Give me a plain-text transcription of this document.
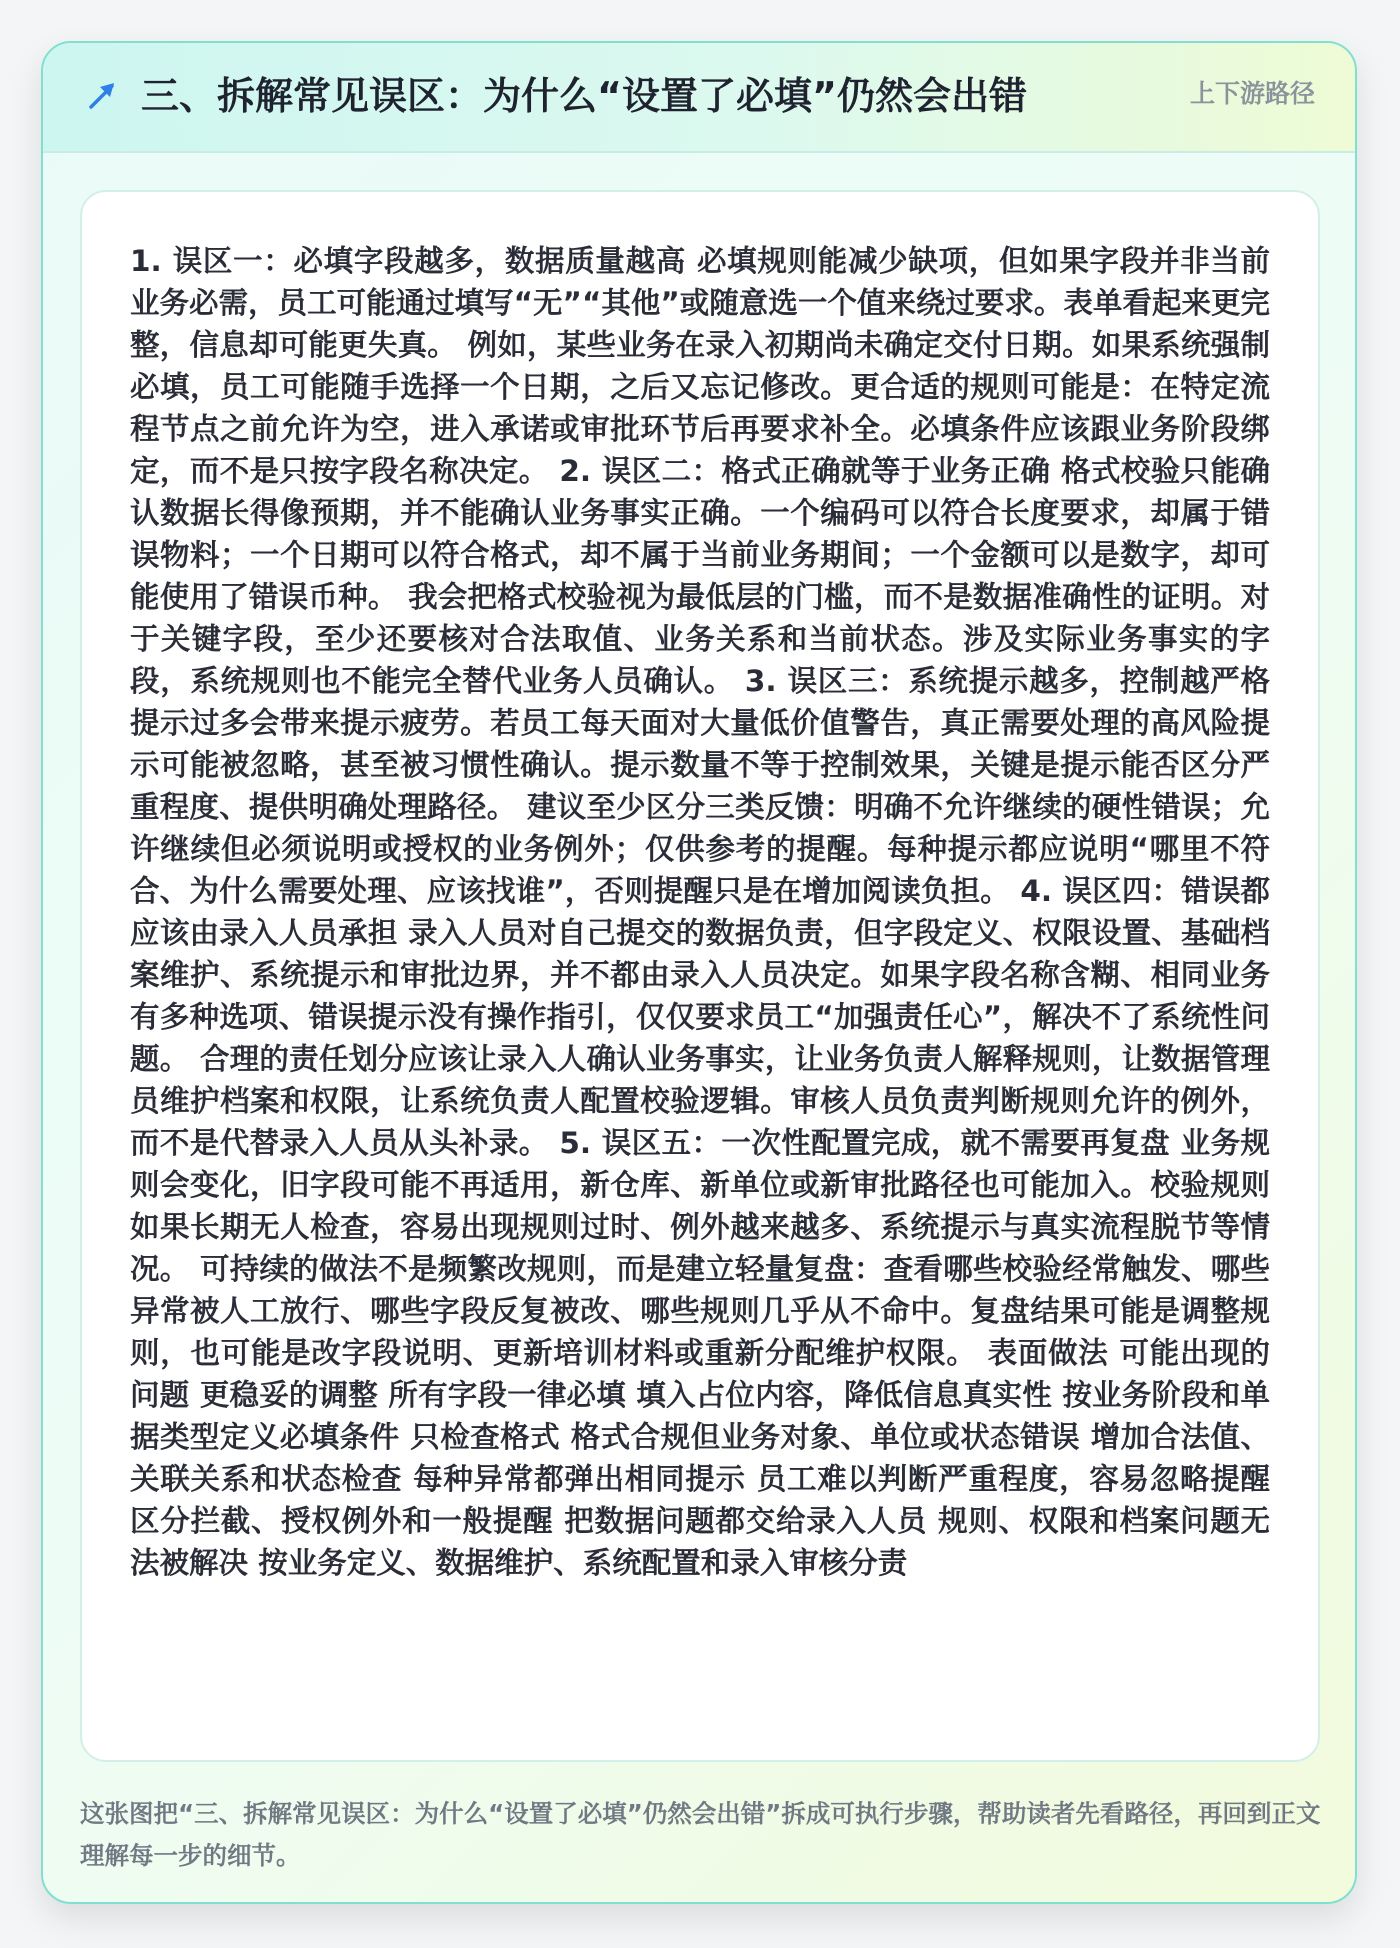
三、拆解常见误区：为什么“设置了必填”仍然会出错	上下游路径

1. 误区一：必填字段越多，数据质量越高 必填规则能减少缺项，但如果字段并非当前业务必需，员工可能通过填写“无”“其他”或随意选一个值来绕过要求。表单看起来更完整，信息却可能更失真。 例如，某些业务在录入初期尚未确定交付日期。如果系统强制必填，员工可能随手选择一个日期，之后又忘记修改。更合适的规则可能是：在特定流程节点之前允许为空，进入承诺或审批环节后再要求补全。必填条件应该跟业务阶段绑定，而不是只按字段名称决定。 2. 误区二：格式正确就等于业务正确 格式校验只能确认数据长得像预期，并不能确认业务事实正确。一个编码可以符合长度要求，却属于错误物料；一个日期可以符合格式，却不属于当前业务期间；一个金额可以是数字，却可能使用了错误币种。 我会把格式校验视为最低层的门槛，而不是数据准确性的证明。对于关键字段，至少还要核对合法取值、业务关系和当前状态。涉及实际业务事实的字段，系统规则也不能完全替代业务人员确认。 3. 误区三：系统提示越多，控制越严格 提示过多会带来提示疲劳。若员工每天面对大量低价值警告，真正需要处理的高风险提示可能被忽略，甚至被习惯性确认。提示数量不等于控制效果，关键是提示能否区分严重程度、提供明确处理路径。 建议至少区分三类反馈：明确不允许继续的硬性错误；允许继续但必须说明或授权的业务例外；仅供参考的提醒。每种提示都应说明“哪里不符合、为什么需要处理、应该找谁”，否则提醒只是在增加阅读负担。 4. 误区四：错误都应该由录入人员承担 录入人员对自己提交的数据负责，但字段定义、权限设置、基础档案维护、系统提示和审批边界，并不都由录入人员决定。如果字段名称含糊、相同业务有多种选项、错误提示没有操作指引，仅仅要求员工“加强责任心”，解决不了系统性问题。 合理的责任划分应该让录入人确认业务事实，让业务负责人解释规则，让数据管理员维护档案和权限，让系统负责人配置校验逻辑。审核人员负责判断规则允许的例外，而不是代替录入人员从头补录。 5. 误区五：一次性配置完成，就不需要再复盘 业务规则会变化，旧字段可能不再适用，新仓库、新单位或新审批路径也可能加入。校验规则如果长期无人检查，容易出现规则过时、例外越来越多、系统提示与真实流程脱节等情况。 可持续的做法不是频繁改规则，而是建立轻量复盘：查看哪些校验经常触发、哪些异常被人工放行、哪些字段反复被改、哪些规则几乎从不命中。复盘结果可能是调整规则，也可能是改字段说明、更新培训材料或重新分配维护权限。 表面做法 可能出现的问题 更稳妥的调整 所有字段一律必填 填入占位内容，降低信息真实性 按业务阶段和单据类型定义必填条件 只检查格式 格式合规但业务对象、单位或状态错误 增加合法值、关联关系和状态检查 每种异常都弹出相同提示 员工难以判断严重程度，容易忽略提醒 区分拦截、授权例外和一般提醒 把数据问题都交给录入人员 规则、权限和档案问题无法被解决 按业务定义、数据维护、系统配置和录入审核分责

这张图把“三、拆解常见误区：为什么“设置了必填”仍然会出错”拆成可执行步骤，帮助读者先看路径，再回到正文理解每一步的细节。
